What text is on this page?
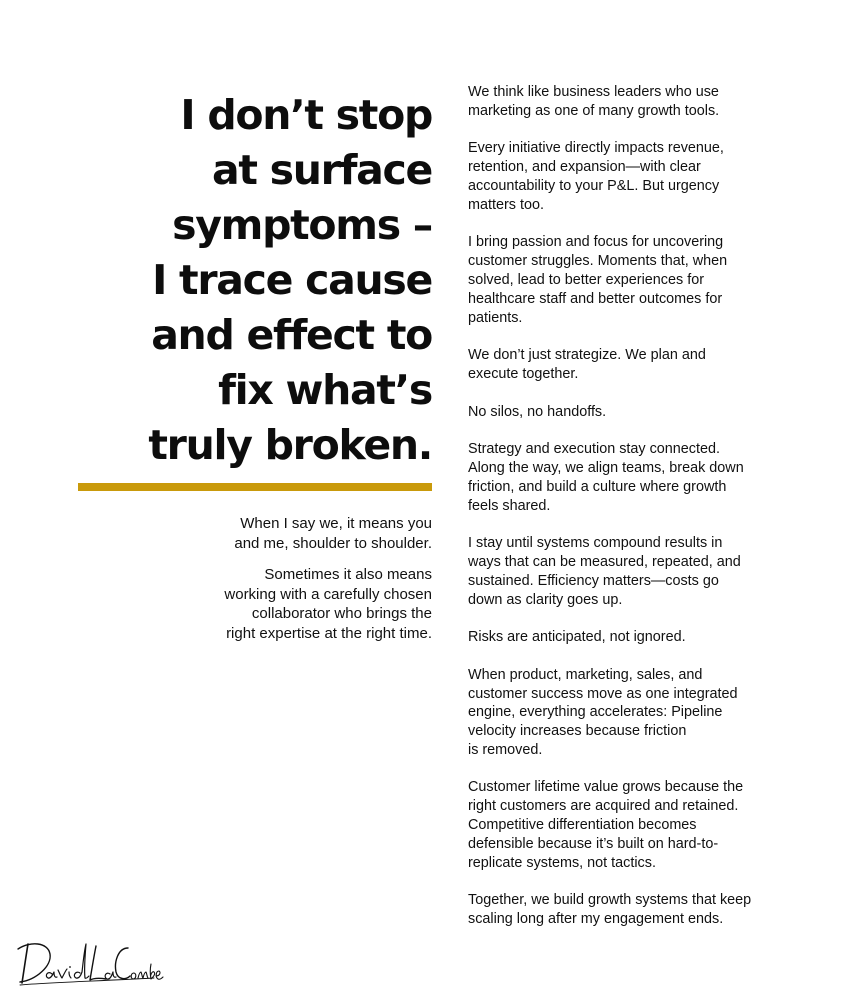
I don’t stop
at surface
symptoms –
I trace cause
and effect to
fix what’s
truly broken.

When I say we, it means you
and me, shoulder to shoulder.

Sometimes it also means
working with a carefully chosen
collaborator who brings the
right expertise at the right time.

We think like business leaders who use
marketing as one of many growth tools.

Every initiative directly impacts revenue,
retention, and expansion—with clear
accountability to your P&L. But urgency
matters too.

I bring passion and focus for uncovering
customer struggles. Moments that, when
solved, lead to better experiences for
healthcare staff and better outcomes for
patients.

We don’t just strategize. We plan and
execute together.

No silos, no handoffs.

Strategy and execution stay connected.
Along the way, we align teams, break down
friction, and build a culture where growth
feels shared.

I stay until systems compound results in
ways that can be measured, repeated, and
sustained. Efficiency matters—costs go
down as clarity goes up.

Risks are anticipated, not ignored.

When product, marketing, sales, and
customer success move as one integrated
engine, everything accelerates: Pipeline
velocity increases because friction
is removed.

Customer lifetime value grows because the
right customers are acquired and retained.
Competitive differentiation becomes
defensible because it’s built on hard-to-
replicate systems, not tactics.

Together, we build growth systems that keep
scaling long after my engagement ends.
